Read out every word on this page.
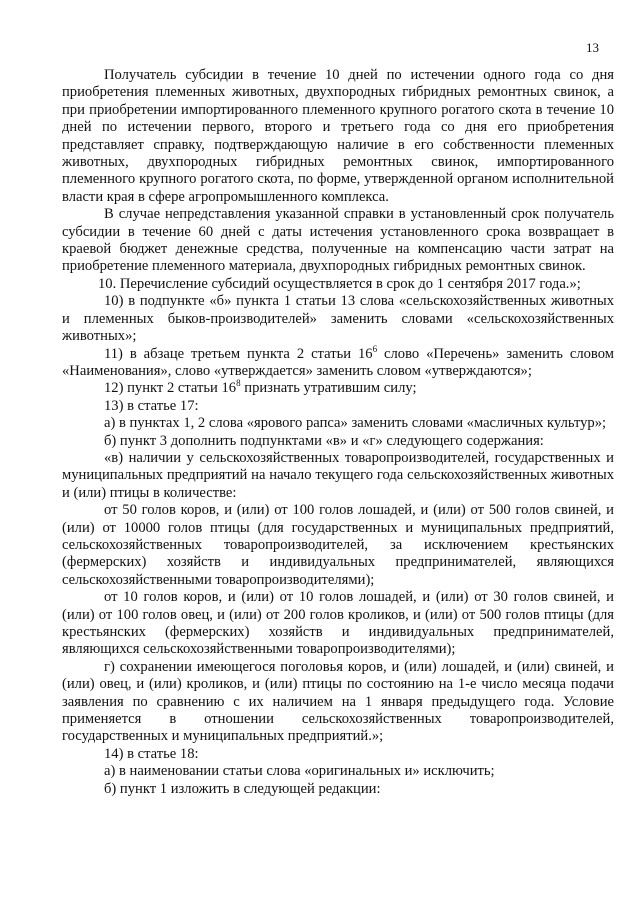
13

Получатель субсидии в течение 10 дней по истечении одного года со дня приобретения племенных животных, двухпородных гибридных ремонтных свинок, а при приобретении импортированного племенного крупного рогатого скота в течение 10 дней по истечении первого, второго и третьего года со дня его приобретения представляет справку, подтверждающую наличие в его собственности племенных животных, двухпородных гибридных ремонтных свинок, импортированного племенного крупного рогатого скота, по форме, утвержденной органом исполнительной власти края в сфере агропромышленного комплекса.

В случае непредставления указанной справки в установленный срок получатель субсидии в течение 60 дней с даты истечения установленного срока возвращает в краевой бюджет денежные средства, полученные на компенсацию части затрат на приобретение племенного материала, двухпородных гибридных ремонтных свинок.

10. Перечисление субсидий осуществляется в срок до 1 сентября 2017 года.»;

10) в подпункте «б» пункта 1 статьи 13 слова «сельскохозяйственных животных и племенных быков-производителей» заменить словами «сельскохозяйственных животных»;

11) в абзаце третьем пункта 2 статьи $16^6$ слово «Перечень» заменить словом «Наименования», слово «утверждается» заменить словом «утверждаются»;

12) пункт 2 статьи $16^8$ признать утратившим силу;

13) в статье 17:

а) в пунктах 1, 2 слова «ярового рапса» заменить словами «масличных культур»;

б) пункт 3 дополнить подпунктами «в» и «г» следующего содержания:

«в) наличии у сельскохозяйственных товаропроизводителей, государственных и муниципальных предприятий на начало текущего года сельскохозяйственных животных и (или) птицы в количестве:

от 50 голов коров, и (или) от 100 голов лошадей, и (или) от 500 голов свиней, и (или) от 10000 голов птицы (для государственных и муниципальных предприятий, сельскохозяйственных товаропроизводителей, за исключением крестьянских (фермерских) хозяйств и индивидуальных предпринимателей, являющихся сельскохозяйственными товаропроизводителями);

от 10 голов коров, и (или) от 10 голов лошадей, и (или) от 30 голов свиней, и (или) от 100 голов овец, и (или) от 200 голов кроликов, и (или) от 500 голов птицы (для крестьянских (фермерских) хозяйств и индивидуальных предпринимателей, являющихся сельскохозяйственными товаропроизводителями);

г) сохранении имеющегося поголовья коров, и (или) лошадей, и (или) свиней, и (или) овец, и (или) кроликов, и (или) птицы по состоянию на 1-е число месяца подачи заявления по сравнению с их наличием на 1 января предыдущего года. Условие применяется в отношении сельскохозяйственных товаропроизводителей, государственных и муниципальных предприятий.»;

14) в статье 18:

а) в наименовании статьи слова «оригинальных и» исключить;

б) пункт 1 изложить в следующей редакции:
